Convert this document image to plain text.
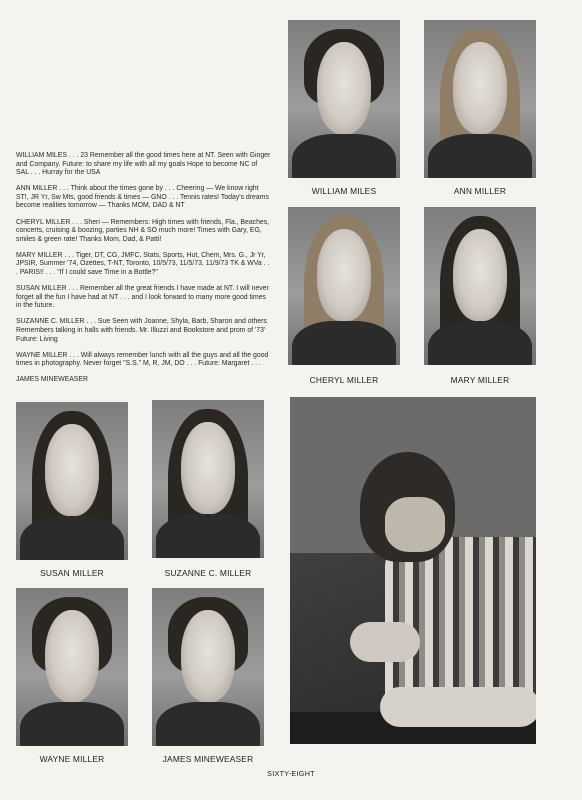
WILLIAM MILES	ANN MILLER
CHERYL MILLER	MARY MILLER

WILLIAM MILES . . . 23 Remember all the good times here at NT. Seen with Ginger and Company. Future: to share my life with all my goals Hope to become NC of SAL . . . Hurray for the USA

ANN MILLER . . . Think about the times gone by . . . Cheering — We know right ST!, JR Yr, Sw Mts, good friends & times — GNO . . . Tennis rates! Today's dreams become realities tomorrow — Thanks MOM, DAD & NT

CHERYL MILLER . . . Sheri — Remembers: High times with friends, Fla., Beaches, concerts, cruising & boozing, parties NH & SO much more! Times with Gary, EG, smiles & green rate! Thanks Mom, Dad, & Patti!

MARY MILLER . . . Tiger, DT, CG, JMFC, Stats, Sports, Hut, Chem, Mrs. G., Jr Yr, JPSIR, Summer '74, Ozettes, T-NT, Toronto, 10/5/73, 11/5/73, 11/9/73 TK & WVa . . . PARIS!! . . . "If I could save Time in a Bottle?"

SUSAN MILLER . . . Remember all the great friends I have made at NT. I will never forget all the fun I have had at NT . . . and I look forward to many more good times in the future.

SUZANNE C. MILLER . . . Sue Seen with Joanne, Shyla, Barb, Sharon and others Remembers talking in halls with friends. Mr. Illuzzi and Bookstore and prom of '73' Future: Living

WAYNE MILLER . . . Will always remember lunch with all the guys and all the good times in photography. Never forget "S.S." M, R, JM, DO . . . Future: Margaret . . .

JAMES MINEWEASER

SUSAN MILLER	SUZANNE C. MILLER
WAYNE MILLER	JAMES MINEWEASER
SIXTY-EIGHT
